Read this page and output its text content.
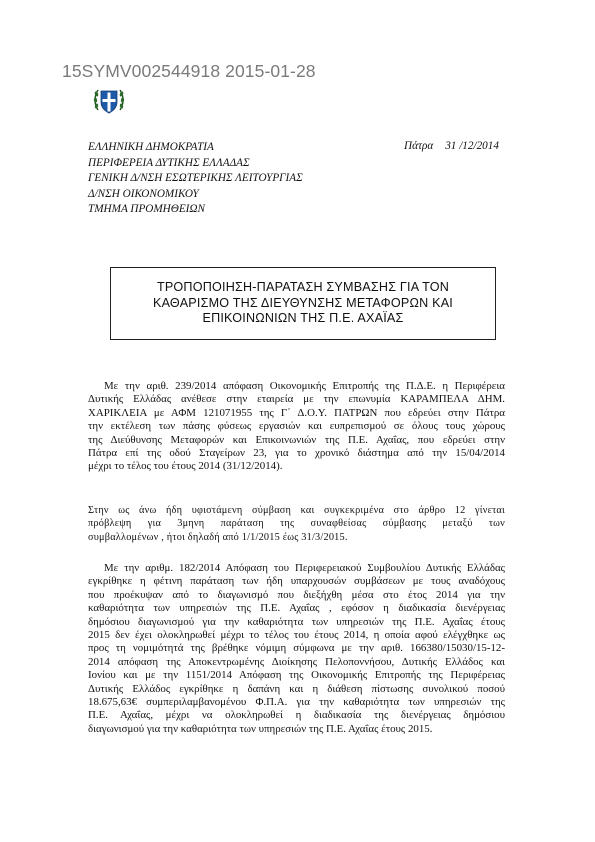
15SYMV002544918 2015-01-28
ΕΛΛΗΝΙΚΗ ΔΗΜΟΚΡΑΤΙΑ
ΠΕΡΙΦΕΡΕΙΑ ΔΥΤΙΚΗΣ ΕΛΛΑΔΑΣ
ΓΕΝΙΚΗ Δ/ΝΣΗ ΕΣΩΤΕΡΙΚΗΣ ΛΕΙΤΟΥΡΓΙΑΣ
Δ/ΝΣΗ ΟΙΚΟΝΟΜΙΚΟΥ
ΤΜΗΜΑ ΠΡΟΜΗΘΕΙΩΝ
Πάτρα 31 /12/2014
ΤΡΟΠΟΠΟΙΗΣΗ-ΠΑΡΑΤΑΣΗ ΣΥΜΒΑΣΗΣ ΓΙΑ ΤΟΝ
ΚΑΘΑΡΙΣΜΟ ΤΗΣ ΔΙΕΥΘΥΝΣΗΣ ΜΕΤΑΦΟΡΩΝ ΚΑΙ
ΕΠΙΚΟΙΝΩΝΙΩΝ ΤΗΣ Π.Ε. ΑΧΑΪΑΣ
Με την αριθ. 239/2014 απόφαση Οικονομικής Επιτροπής της Π.Δ.Ε. η Περιφέρεια
Δυτικής Ελλάδας ανέθεσε στην εταιρεία με την επωνυμία ΚΑΡΑΜΠΕΛΑ ΔΗΜ.
ΧΑΡΙΚΛΕΙΑ με ΑΦΜ 121071955 της Γ΄ Δ.Ο.Υ. ΠΑΤΡΩΝ που εδρεύει στην Πάτρα
την εκτέλεση των πάσης φύσεως εργασιών και ευπρεπισμού σε όλους τους χώρους
της Διεύθυνσης Μεταφορών και Επικοινωνιών της Π.Ε. Αχαΐας, που εδρεύει στην
Πάτρα επί της οδού Σταγείρων 23, για το χρονικό διάστημα από την 15/04/2014
μέχρι το τέλος του έτους 2014 (31/12/2014).
Στην ως άνω ήδη υφιστάμενη σύμβαση και συγκεκριμένα στο άρθρο 12 γίνεται
πρόβλεψη για 3μηνη παράταση της συναφθείσας σύμβασης μεταξύ των
συμβαλλομένων , ήτοι δηλαδή από 1/1/2015 έως 31/3/2015.
Με την αριθμ. 182/2014 Απόφαση του Περιφερειακού Συμβουλίου Δυτικής Ελλάδας
εγκρίθηκε η φέτινη παράταση των ήδη υπαρχουσών συμβάσεων με τους αναδόχους
που προέκυψαν από το διαγωνισμό που διεξήχθη μέσα στο έτος 2014 για την
καθαριότητα των υπηρεσιών της Π.Ε. Αχαΐας , εφόσον η διαδικασία διενέργειας
δημόσιου διαγωνισμού για την καθαριότητα των υπηρεσιών της Π.Ε. Αχαΐας έτους
2015 δεν έχει ολοκληρωθεί μέχρι το τέλος του έτους 2014, η οποία αφού ελέγχθηκε ως
προς τη νομιμότητά της βρέθηκε νόμιμη σύμφωνα με την αριθ. 166380/15030/15-12-
2014 απόφαση της Αποκεντρωμένης Διοίκησης Πελοποννήσου, Δυτικής Ελλάδος και
Ιονίου και με την 1151/2014 Απόφαση της Οικονομικής Επιτροπής της Περιφέρειας
Δυτικής Ελλάδος εγκρίθηκε η δαπάνη και η διάθεση πίστωσης συνολικού ποσού
18.675,63€ συμπεριλαμβανομένου Φ.Π.Α. για την καθαριότητα των υπηρεσιών της
Π.Ε. Αχαΐας, μέχρι να ολοκληρωθεί η διαδικασία της διενέργειας δημόσιου
διαγωνισμού για την καθαριότητα των υπηρεσιών της Π.Ε. Αχαΐας έτους 2015.
